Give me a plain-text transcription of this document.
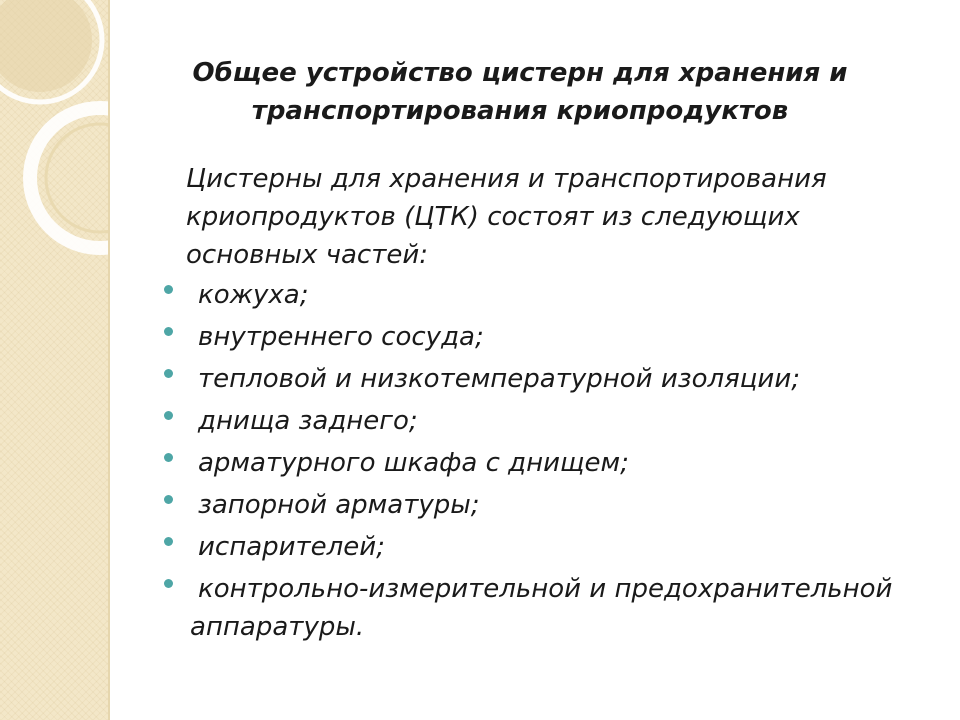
Общее устройство цистерн для хранения и транспортирования криопродуктов

Цистерны для хранения и транспортирования криопродуктов (ЦТК) состоят из следующих основных частей:

кожуха;
внутреннего сосуда;
тепловой и низкотемпературной изоляции;
днища заднего;
арматурного шкафа с днищем;
запорной арматуры;
испарителей;
контрольно-измерительной и предохранительной аппаратуры.
